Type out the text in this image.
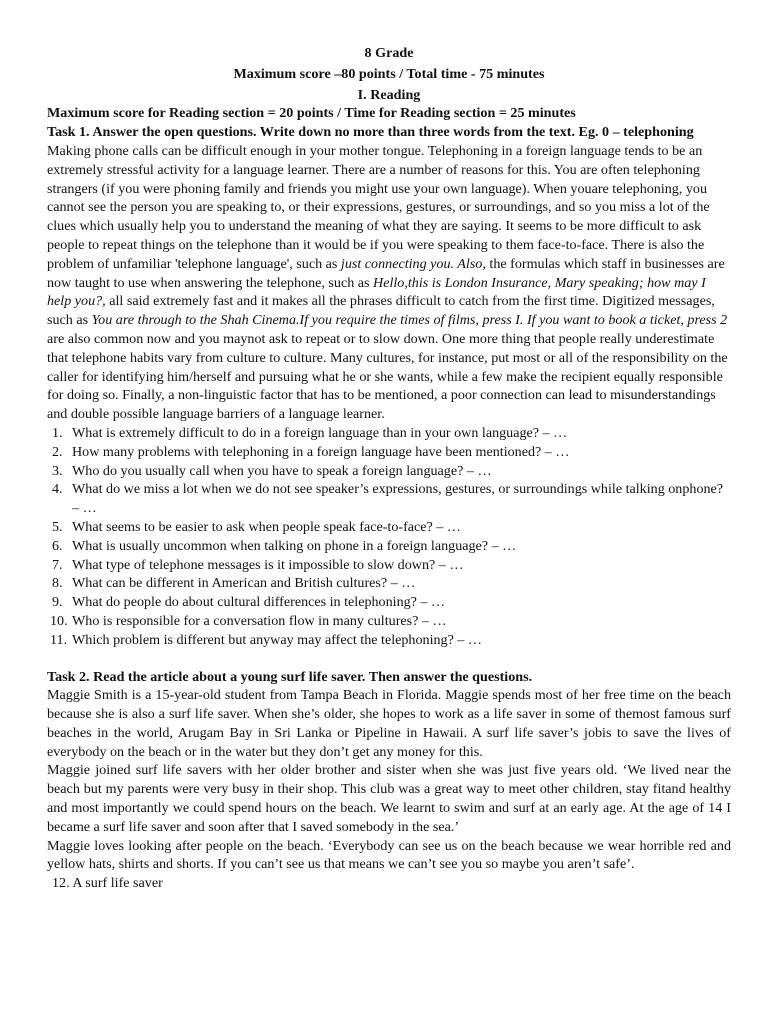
8 Grade

Maximum score –80 points / Total time - 75 minutes

I. Reading

Maximum score for Reading section = 20 points / Time for Reading section = 25 minutes

Task 1. Answer the open questions. Write down no more than three words from the text. Eg. 0 – telephoning

Making phone calls can be difficult enough in your mother tongue. Telephoning in a foreign language tends to be an extremely stressful activity for a language learner. There are a number of reasons for this. You are often telephoning strangers (if you were phoning family and friends you might use your own language). When youare telephoning, you cannot see the person you are speaking to, or their expressions, gestures, or surroundings, and so you miss a lot of the clues which usually help you to understand the meaning of what they are saying. It seems to be more difficult to ask people to repeat things on the telephone than it would be if you were speaking to them face-to-face. There is also the problem of unfamiliar 'telephone language', such as just connecting you. Also, the formulas which staff in businesses are now taught to use when answering the telephone, such as Hello,this is London Insurance, Mary speaking; how may I help you?, all said extremely fast and it makes all the phrases difficult to catch from the first time. Digitized messages, such as You are through to the Shah Cinema.If you require the times of films, press I. If you want to book a ticket, press 2 are also common now and you maynot ask to repeat or to slow down. One more thing that people really underestimate that telephone habits vary from culture to culture. Many cultures, for instance, put most or all of the responsibility on the caller for identifying him/herself and pursuing what he or she wants, while a few make the recipient equally responsible for doing so. Finally, a non-linguistic factor that has to be mentioned, a poor connection can lead to misunderstandings and double possible language barriers of a language learner.

1. What is extremely difficult to do in a foreign language than in your own language? – …
2. How many problems with telephoning in a foreign language have been mentioned? – …
3. Who do you usually call when you have to speak a foreign language? – …
4. What do we miss a lot when we do not see speaker’s expressions, gestures, or surroundings while talking onphone? – …
5. What seems to be easier to ask when people speak face-to-face? – …
6. What is usually uncommon when talking on phone in a foreign language? – …
7. What type of telephone messages is it impossible to slow down? – …
8. What can be different in American and British cultures? – …
9. What do people do about cultural differences in telephoning? – …
10. Who is responsible for a conversation flow in many cultures? – …
11. Which problem is different but anyway may affect the telephoning? – …

Task 2. Read the article about a young surf life saver. Then answer the questions.

Maggie Smith is a 15-year-old student from Tampa Beach in Florida. Maggie spends most of her free time on the beach because she is also a surf life saver. When she’s older, she hopes to work as a life saver in some of themost famous surf beaches in the world, Arugam Bay in Sri Lanka or Pipeline in Hawaii. A surf life saver’s jobis to save the lives of everybody on the beach or in the water but they don’t get any money for this.

Maggie joined surf life savers with her older brother and sister when she was just five years old. ‘We lived near the beach but my parents were very busy in their shop. This club was a great way to meet other children, stay fitand healthy and most importantly we could spend hours on the beach. We learnt to swim and surf at an early age. At the age of 14 I became a surf life saver and soon after that I saved somebody in the sea.’

Maggie loves looking after people on the beach. ‘Everybody can see us on the beach because we wear horrible red and yellow hats, shirts and shorts. If you can’t see us that means we can’t see you so maybe you aren’t safe’.

12. A surf life saver
